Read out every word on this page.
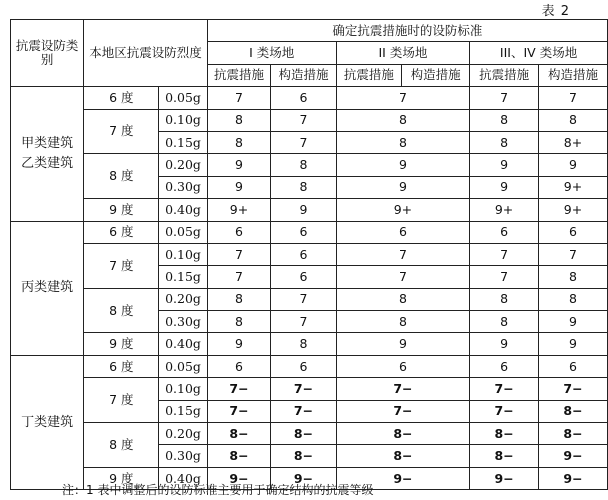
表 2
抗震设防类别	本地区抗震设防烈度		确定抗震措施时的设防标准					
			I 类场地		II 类场地		III、IV 类场地	
			抗震措施	构造措施	抗震措施	构造措施	抗震措施	构造措施
甲类建筑
乙类建筑	6 度	0.05g	7	6	7		7	7
	7 度	0.10g	8	7	8		8	8
		0.15g	8	7	8		8	8+
	8 度	0.20g	9	8	9		9	9
		0.30g	9	8	9		9	9+
	9 度	0.40g	9+	9	9+		9+	9+
丙类建筑	6 度	0.05g	6	6	6		6	6
	7 度	0.10g	7	6	7		7	7
		0.15g	7	6	7		7	8
	8 度	0.20g	8	7	8		8	8
		0.30g	8	7	8		8	9
	9 度	0.40g	9	8	9		9	9
丁类建筑	6 度	0.05g	6	6	6		6	6
	7 度	0.10g	7−	7−	7−		7−	7−
		0.15g	7−	7−	7−		7−	8−
	8 度	0.20g	8−	8−	8−		8−	8−
		0.30g	8−	8−	8−		8−	9−
	9 度	0.40g	9−	9−	9−		9−	9−
注：1 表中调整后的设防标准主要用于确定结构的抗震等级
